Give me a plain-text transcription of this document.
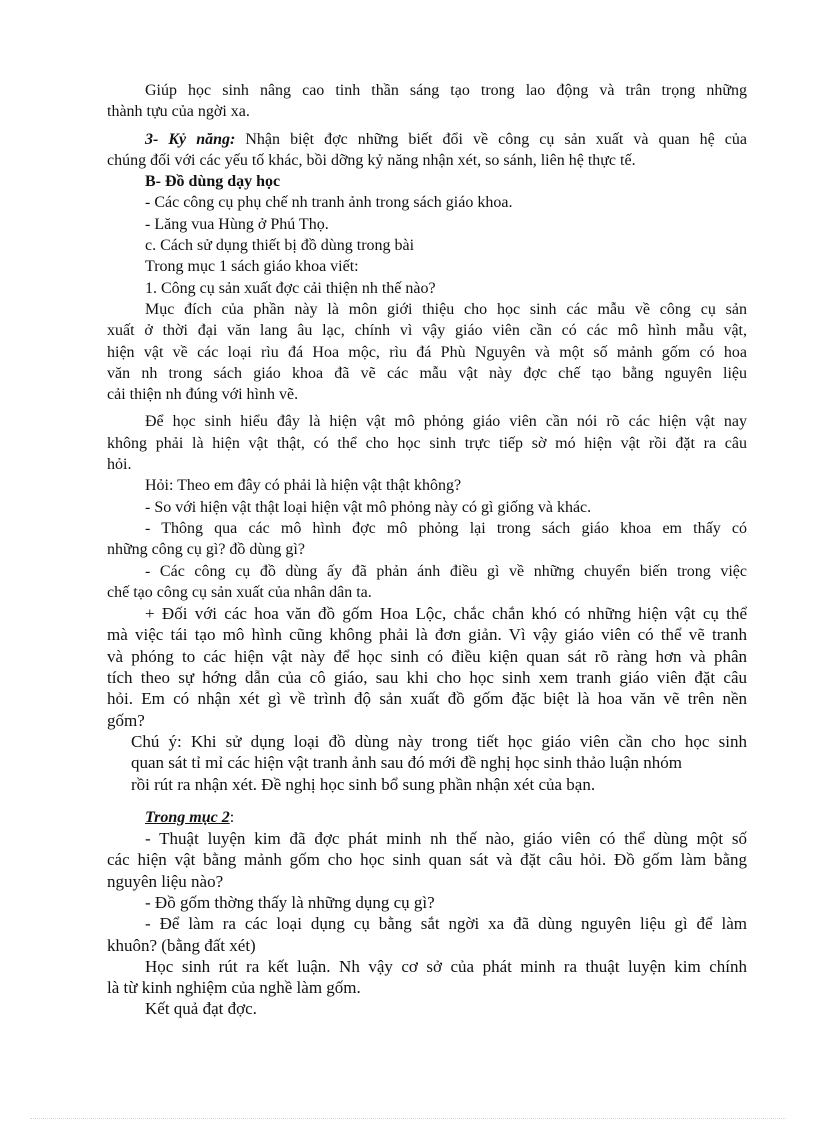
Giúp học sinh nâng cao tinh thần sáng tạo trong lao động và trân trọng những
thành tựu của ngời xa.
3- Kỷ năng: Nhận biệt đợc những biết đổi về công cụ sản xuất và quan hệ của
chúng đối với các yếu tố khác, bồi dỡng kỷ năng nhận xét, so sánh, liên hệ thực tế.
B- Đồ dùng dạy học
- Các công cụ phụ chế nh tranh ảnh trong sách giáo khoa.
- Lăng vua Hùng ở Phú Thọ.
c. Cách sử dụng thiết bị đồ dùng trong bài
Trong mục 1 sách giáo khoa viết:
1. Công cụ sản xuất đợc cải thiện nh thế nào?
Mục đích của phần này là môn giới thiệu cho học sinh các mẫu về công cụ sản
xuất ở thời đại văn lang âu lạc, chính vì vậy giáo viên cần có các mô hình mẫu vật,
hiện vật về các loại rìu đá Hoa mộc, rìu đá Phù Nguyên và một số mảnh gốm có hoa
văn nh trong sách giáo khoa đã vẽ các mẫu vật này đợc chế tạo bằng nguyên liệu
cải thiện nh đúng với hình vẽ.
Để học sinh hiểu đây là hiện vật mô phỏng giáo viên cần nói rõ các hiện vật nay
không phải là hiện vật thật, có thể cho học sinh trực tiếp sờ mó hiện vật rồi đặt ra câu
hỏi.
Hỏi: Theo em đây có phải là hiện vật thật không?
- So với hiện vật thật loại hiện vật mô phỏng này có gì giống và khác.
- Thông qua các mô hình đợc mô phỏng lại trong sách giáo khoa em thấy có
những công cụ gì? đồ dùng gì?
- Các công cụ đồ dùng ấy đã phản ánh điều gì về những chuyển biến trong việc
chế tạo công cụ sản xuất của nhân dân ta.
+ Đối với các hoa văn đồ gốm Hoa Lộc, chắc chắn khó có những hiện vật cụ thể
mà việc tái tạo mô hình cũng không phải là đơn giản. Vì vậy giáo viên có thể vẽ tranh
và phóng to các hiện vật này để học sinh có điều kiện quan sát rõ ràng hơn và phân
tích theo sự hớng dẫn của cô giáo, sau khi cho học sinh xem tranh giáo viên đặt câu
hỏi. Em có nhận xét gì về trình độ sản xuất đồ gốm đặc biệt là hoa văn vẽ trên nền
gốm?
Chú ý: Khi sử dụng loại đồ dùng này trong tiết học giáo viên cần cho học sinh
quan sát tỉ mỉ các hiện vật tranh ảnh sau đó mới đề nghị học sinh thảo luận nhóm
rồi rút ra nhận xét. Đề nghị học sinh bổ sung phần nhận xét của bạn.
Trong mục 2:
- Thuật luyện kim đã đợc phát minh nh thế nào, giáo viên có thể dùng một số
các hiện vật bằng mảnh gốm cho học sinh quan sát và đặt câu hỏi. Đồ gốm làm bằng
nguyên liệu nào?
- Đồ gốm thờng thấy là những dụng cụ gì?
- Để làm ra các loại dụng cụ bằng sắt ngời xa đã dùng nguyên liệu gì để làm
khuôn? (bằng đất xét)
Học sinh rút ra kết luận. Nh vậy cơ sở của phát minh ra thuật luyện kim chính
là từ kinh nghiệm của nghề làm gốm.
Kết quả đạt đợc.
